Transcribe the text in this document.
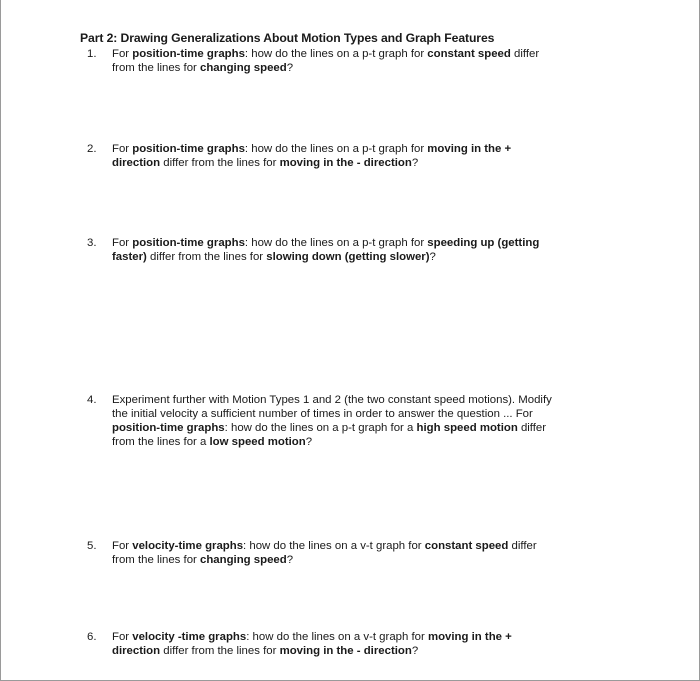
Part 2: Drawing Generalizations About Motion Types and Graph Features
1.	For position-time graphs: how do the lines on a p-t graph for constant speed differ
from the lines for changing speed?
2.	For position-time graphs: how do the lines on a p-t graph for moving in the +
direction differ from the lines for moving in the - direction?
3.	For position-time graphs: how do the lines on a p-t graph for speeding up (getting
faster) differ from the lines for slowing down (getting slower)?
4.	Experiment further with Motion Types 1 and 2 (the two constant speed motions). Modify
the initial velocity a sufficient number of times in order to answer the question ... For
position-time graphs: how do the lines on a p-t graph for a high speed motion differ
from the lines for a low speed motion?
5.	For velocity-time graphs: how do the lines on a v-t graph for constant speed differ
from the lines for changing speed?
6.	For velocity -time graphs: how do the lines on a v-t graph for moving in the +
direction differ from the lines for moving in the - direction?
